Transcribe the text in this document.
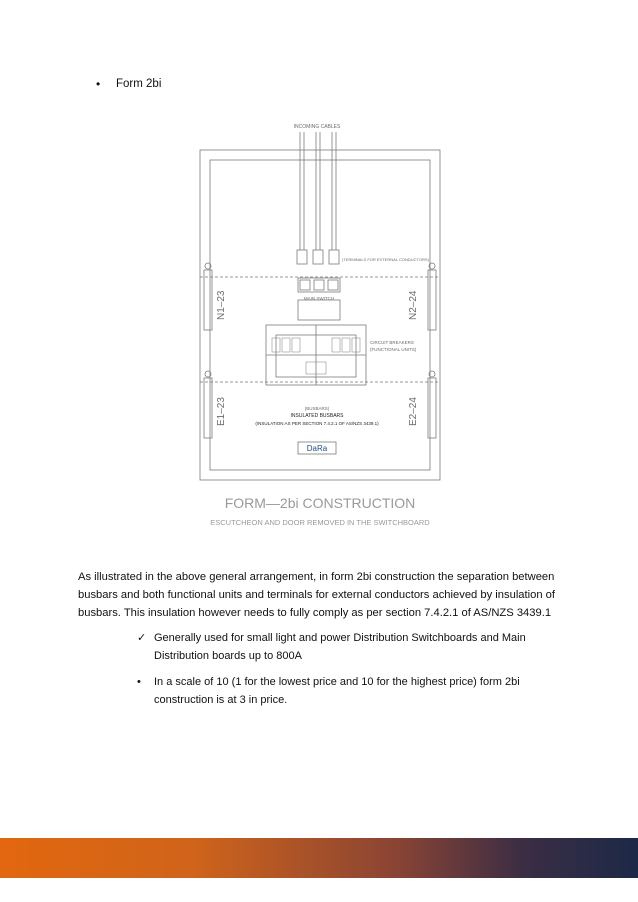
• Form 2bi
INCOMING CABLES
(TERMINALS FOR EXTERNAL CONDUCTORS)
MAIN SWITCH
CIRCUIT BREAKERS
(FUNCTIONAL UNITS)
(BUSBARS)
INSULATED BUSBARS
(INSULATION AS PER SECTION 7.4.2.1 OF AS/NZS 3439.1)
N1–23	N2–24
E1–23	E2–24
DaRa
FORM—2bi CONSTRUCTION
ESCUTCHEON AND DOOR REMOVED IN THE SWITCHBOARD
As illustrated in the above general arrangement, in form 2bi construction the separation between
busbars and both functional units and terminals for external conductors achieved by insulation of
busbars. This insulation however needs to fully comply as per section 7.4.2.1 of AS/NZS 3439.1
✓ Generally used for small light and power Distribution Switchboards and Main
Distribution boards up to 800A
• In a scale of 10 (1 for the lowest price and 10 for the highest price) form 2bi
construction is at 3 in price.
